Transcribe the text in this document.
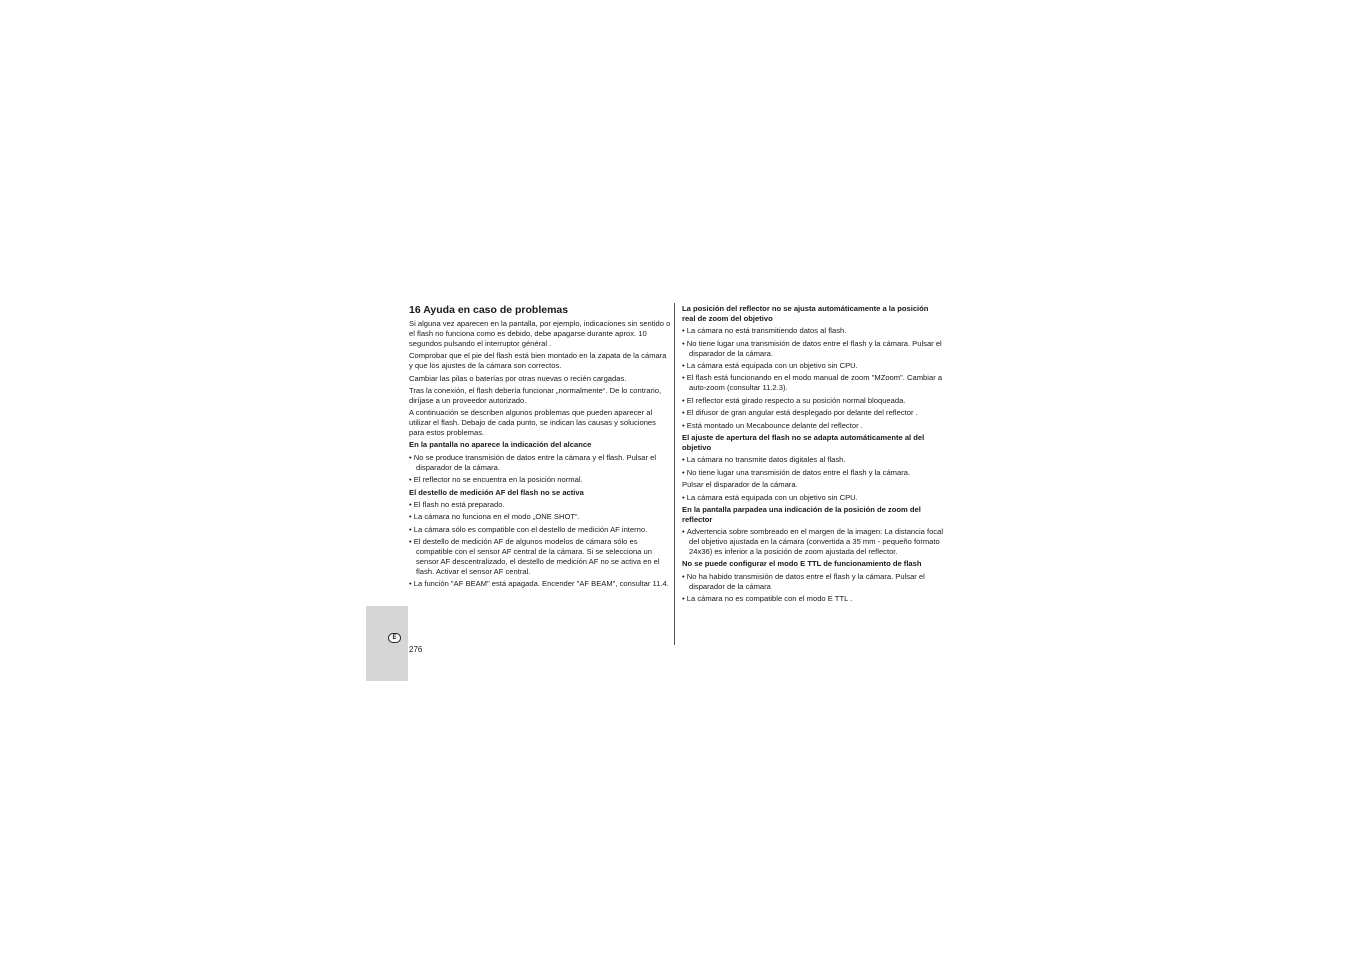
E
276
16 Ayuda en caso de problemas
Si alguna vez aparecen en la pantalla, por ejemplo, indicaciones sin sentido o el flash no funciona como es debido, debe apagarse durante aprox. 10 segundos pulsando el interruptor général .
Comprobar que el pie del flash está bien montado en la zapata de la cámara y que los ajustes de la cámara son correctos.
Cambiar las pilas o baterías por otras nuevas o recién cargadas.
Tras la conexión, el flash debería funcionar „normalmente“. De lo contrario, diríjase a un proveedor autorizado.
A continuación se describen algunos problemas que pueden aparecer al utilizar el flash. Debajo de cada punto, se indican las causas y soluciones para estos problemas.
En la pantalla no aparece la indicación del alcance
• No se produce transmisión de datos entre la cámara y el flash. Pulsar el disparador de la cámara.
• El reflector no se encuentra en la posición normal.
El destello de medición AF del flash no se activa
• El flash no está preparado.
• La cámara no funciona en el modo „ONE SHOT“.
• La cámara sólo es compatible con el destello de medición AF interno.
• El destello de medición AF de algunos modelos de cámara sólo es compatible con el sensor AF central de la cámara. Si se selecciona un sensor AF descentralizado, el destello de medición AF no se activa en el flash. Activar el sensor AF central.
• La función "AF BEAM" está apagada. Encender "AF BEAM", consultar 11.4.
La posición del reflector no se ajusta automáticamente a la posición real de zoom del objetivo
• La cámara no está transmitiendo datos al flash.
• No tiene lugar una transmisión de datos entre el flash y la cámara. Pulsar el disparador de la cámara.
• La cámara está equipada con un objetivo sin CPU.
• El flash está funcionando en el modo manual de zoom "MZoom". Cambiar a auto-zoom (consultar 11.2.3).
• El reflector está girado respecto a su posición normal bloqueada.
• El difusor de gran angular está desplegado por delante del reflector .
• Está montado un Mecabounce delante del reflector .
El ajuste de apertura del flash no se adapta automáticamente al del objetivo
• La cámara no transmite datos digitales al flash.
• No tiene lugar una transmisión de datos entre el flash y la cámara.
Pulsar el disparador de la cámara.
• La cámara está equipada con un objetivo sin CPU.
En la pantalla parpadea una indicación de la posición de zoom del reflector
• Advertencia sobre sombreado en el margen de la imagen: La distancia focal del objetivo ajustada en la cámara (convertida a 35 mm - pequeño formato 24x36) es inferior a la posición de zoom ajustada del reflector.
No se puede configurar el modo E TTL de funcionamiento de flash
• No ha habido transmisión de datos entre el flash y la cámara. Pulsar el disparador de la cámara
• La cámara no es compatible con el modo E TTL .
